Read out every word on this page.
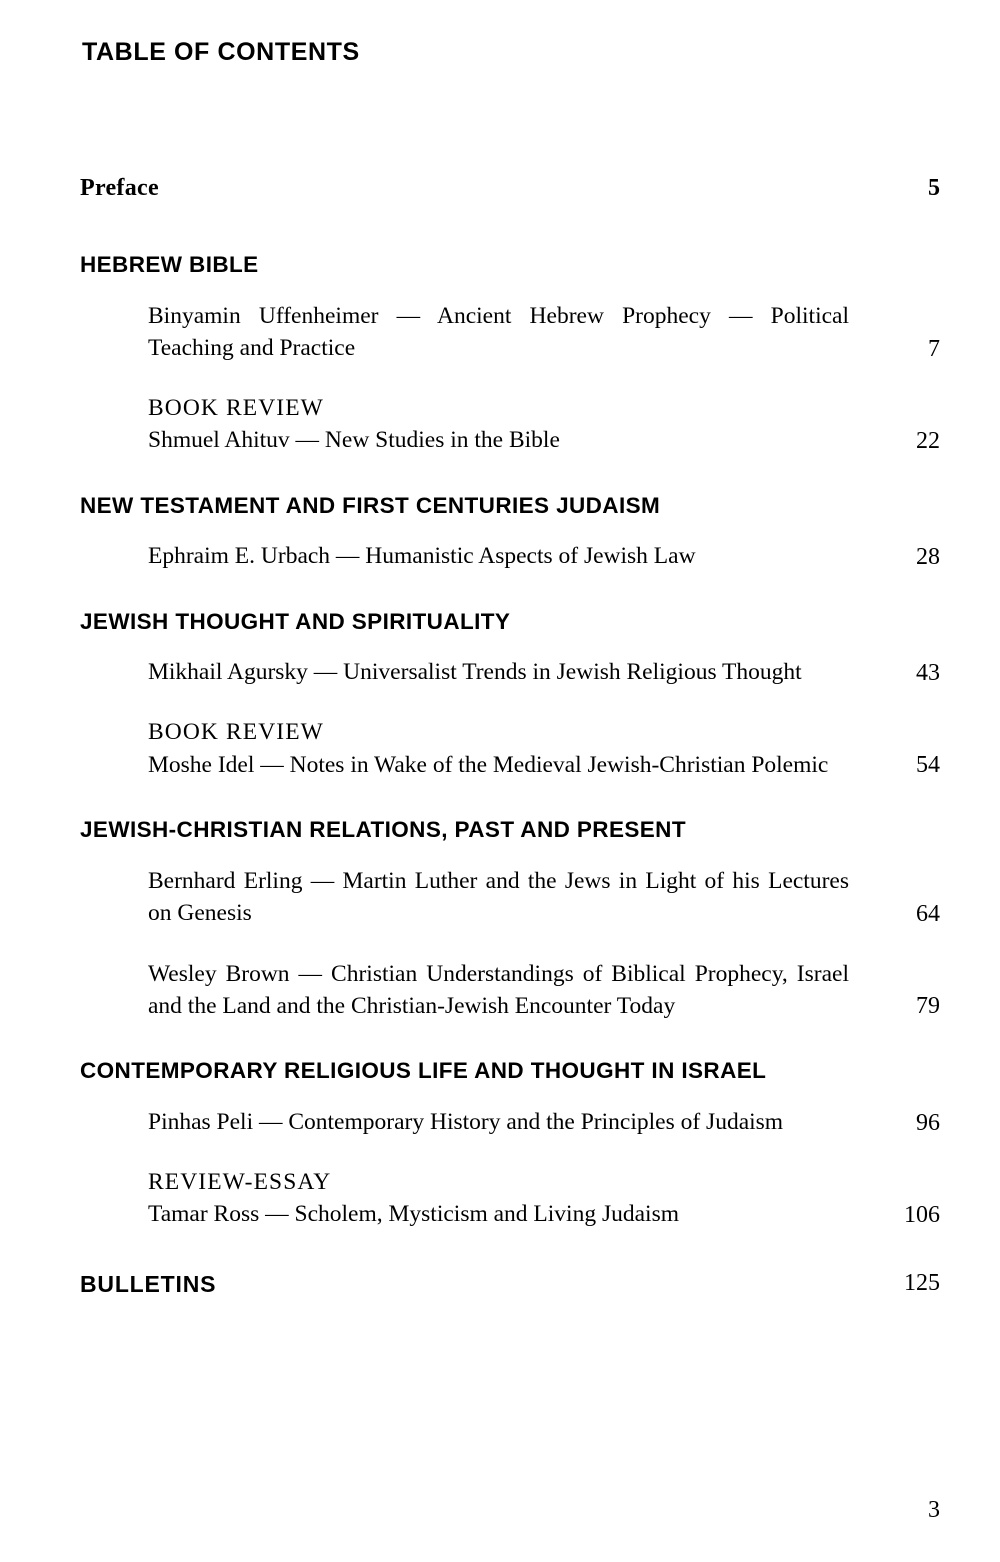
TABLE OF CONTENTS
Preface	5
HEBREW BIBLE
Binyamin Uffenheimer — Ancient Hebrew Prophecy — Political Teaching and Practice	7
BOOK REVIEW
Shmuel Ahituv — New Studies in the Bible	22
NEW TESTAMENT AND FIRST CENTURIES JUDAISM
Ephraim E. Urbach — Humanistic Aspects of Jewish Law	28
JEWISH THOUGHT AND SPIRITUALITY
Mikhail Agursky — Universalist Trends in Jewish Religious Thought	43
BOOK REVIEW
Moshe Idel — Notes in Wake of the Medieval Jewish-Christian Polemic	54
JEWISH-CHRISTIAN RELATIONS, PAST AND PRESENT
Bernhard Erling — Martin Luther and the Jews in Light of his Lectures on Genesis	64
Wesley Brown — Christian Understandings of Biblical Prophecy, Israel and the Land and the Christian-Jewish Encounter Today	79
CONTEMPORARY RELIGIOUS LIFE AND THOUGHT IN ISRAEL
Pinhas Peli — Contemporary History and the Principles of Judaism	96
REVIEW-ESSAY
Tamar Ross — Scholem, Mysticism and Living Judaism	106
BULLETINS	125
3
